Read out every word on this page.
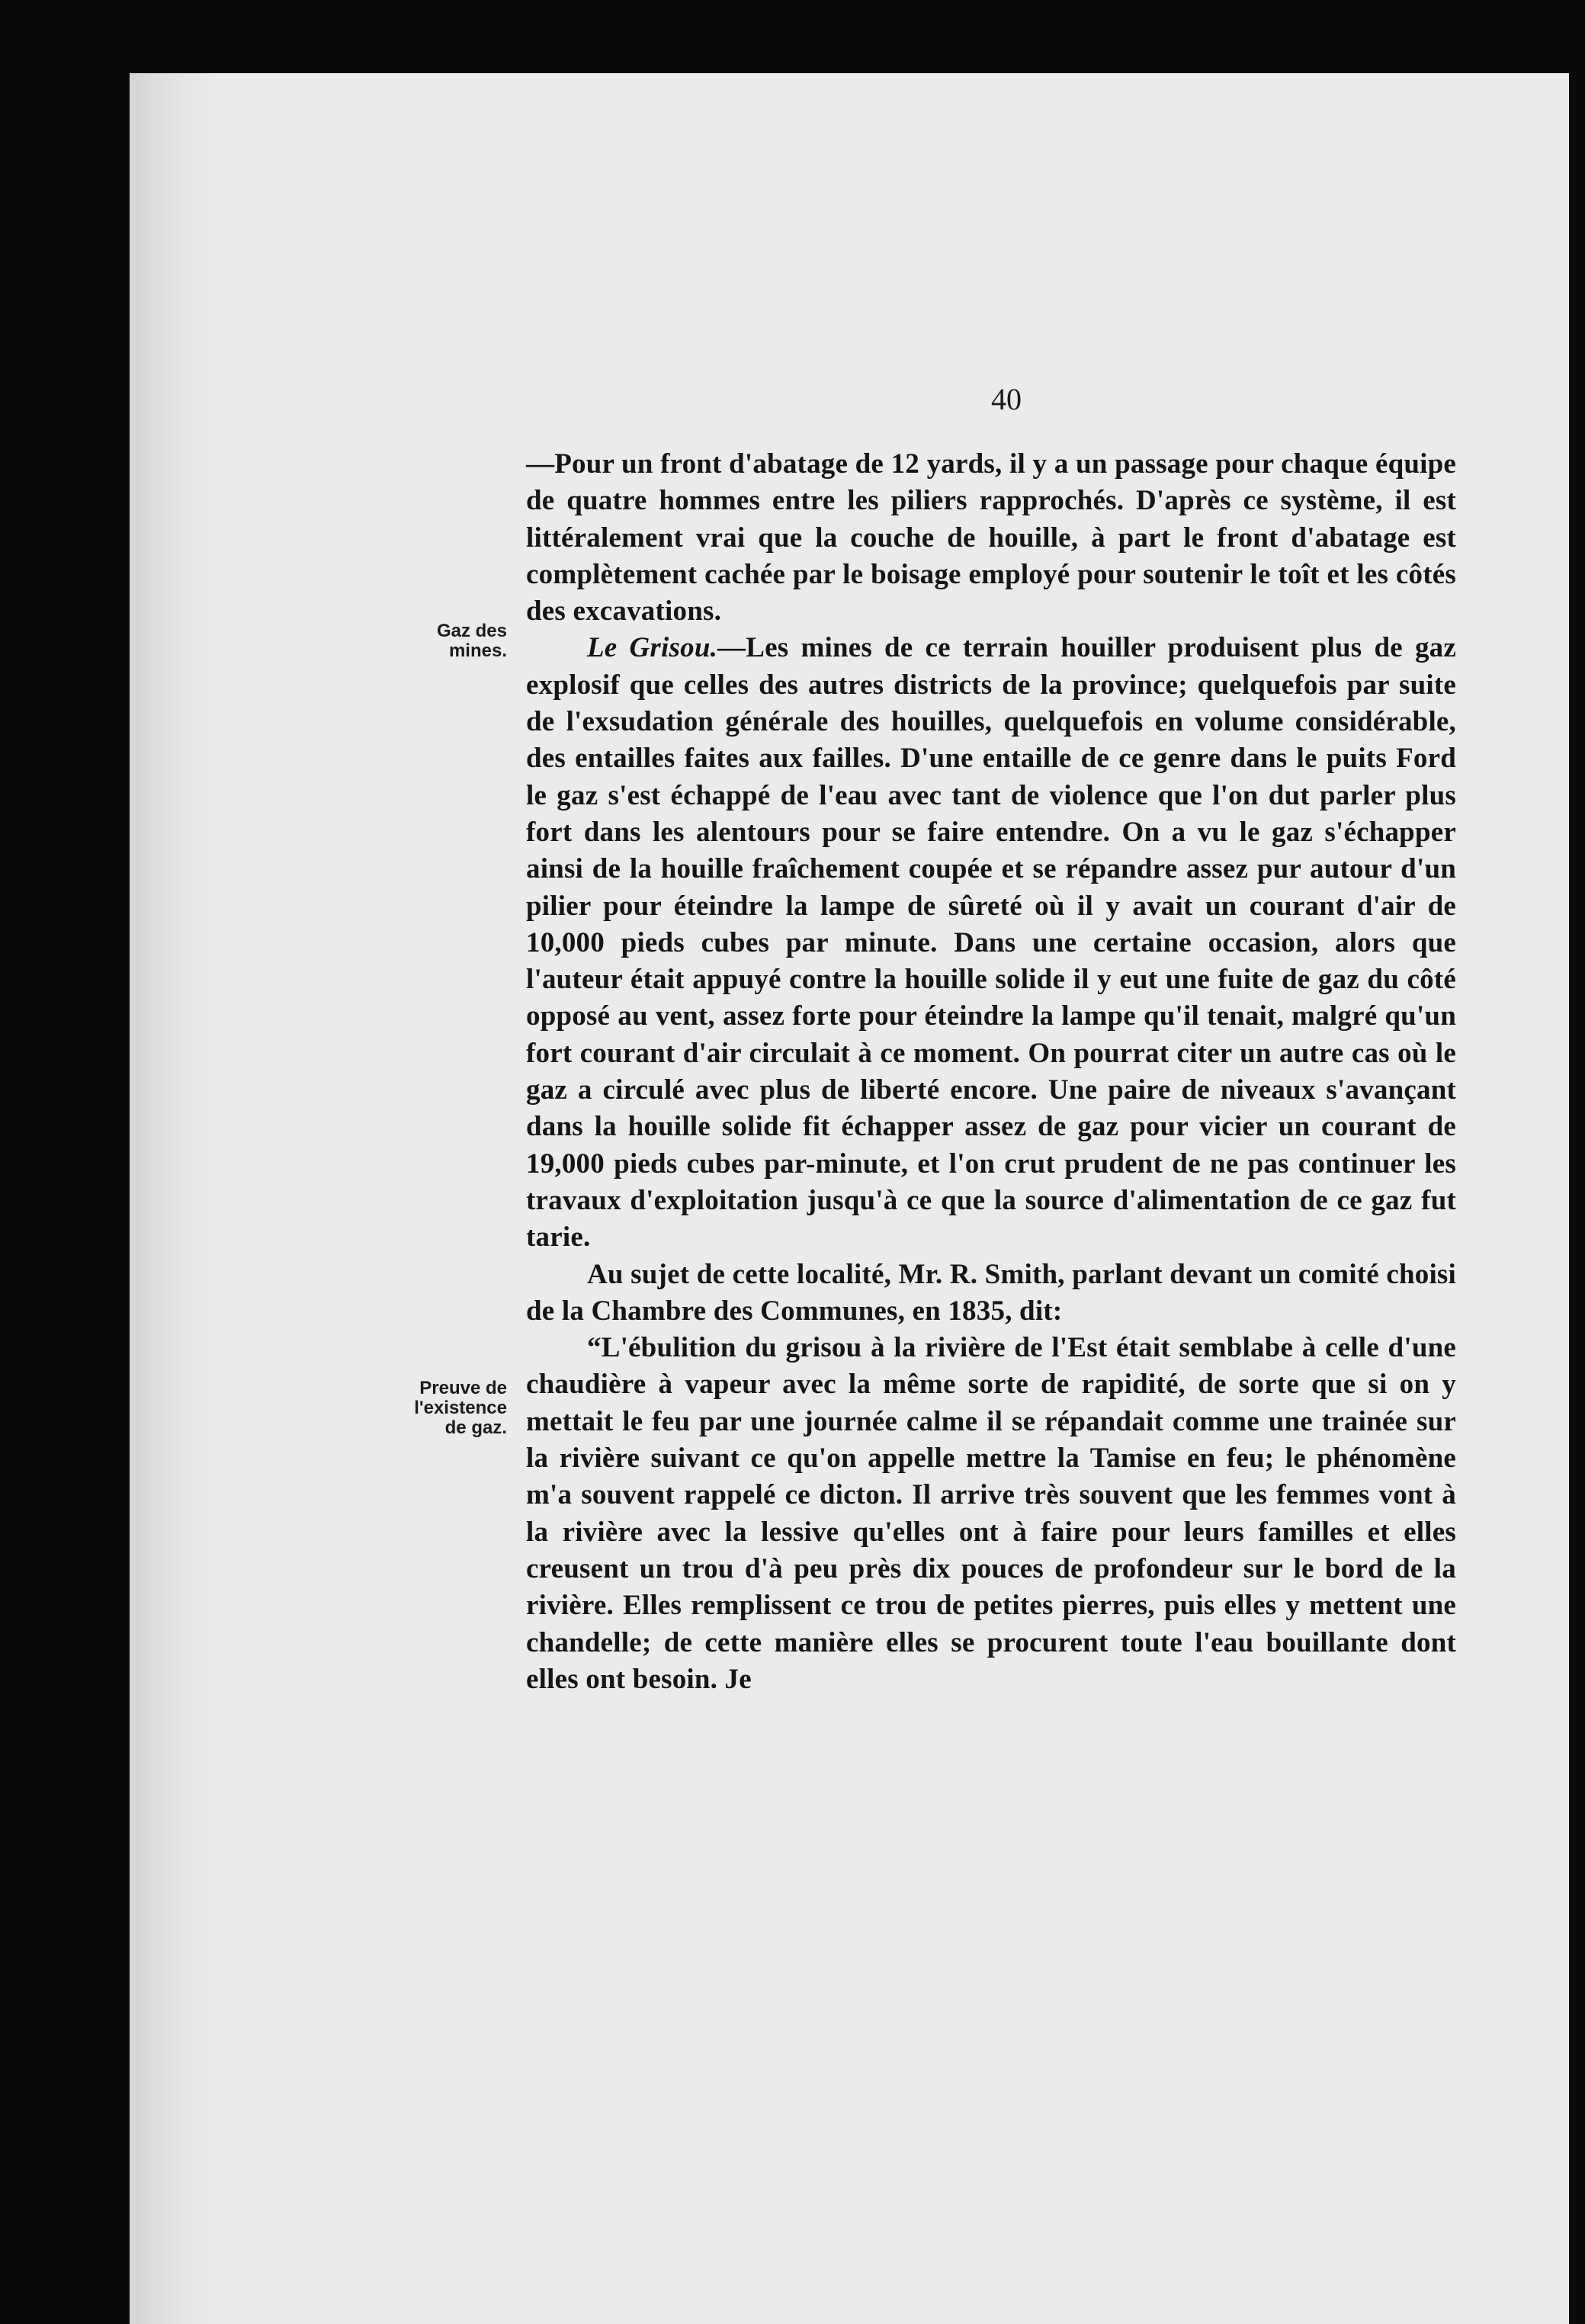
40
Gaz des
mines.
Preuve de
l'existence
de gaz.

—Pour un front d'abatage de 12 yards, il y a un passage pour chaque équipe de quatre hommes entre les piliers rapprochés. D'après ce système, il est littéralement vrai que la couche de houille, à part le front d'abatage est complètement cachée par le boisage employé pour soutenir le toît et les côtés des excavations.

Le Grisou.—Les mines de ce terrain houiller produisent plus de gaz explosif que celles des autres districts de la province; quelquefois par suite de l'exsudation générale des houilles, quelquefois en volume considérable, des entailles faites aux failles. D'une entaille de ce genre dans le puits Ford le gaz s'est échappé de l'eau avec tant de violence que l'on dut parler plus fort dans les alentours pour se faire entendre. On a vu le gaz s'échapper ainsi de la houille fraîchement coupée et se répandre assez pur autour d'un pilier pour éteindre la lampe de sûreté où il y avait un courant d'air de 10,000 pieds cubes par minute. Dans une certaine occasion, alors que l'auteur était appuyé contre la houille solide il y eut une fuite de gaz du côté opposé au vent, assez forte pour éteindre la lampe qu'il tenait, malgré qu'un fort courant d'air circulait à ce moment. On pourrat citer un autre cas où le gaz a circulé avec plus de liberté encore. Une paire de niveaux s'avançant dans la houille solide fit échapper assez de gaz pour vicier un courant de 19,000 pieds cubes par-minute, et l'on crut prudent de ne pas continuer les travaux d'exploitation jusqu'à ce que la source d'alimentation de ce gaz fut tarie.

Au sujet de cette localité, Mr. R. Smith, parlant devant un comité choisi de la Chambre des Communes, en 1835, dit:

“L'ébulition du grisou à la rivière de l'Est était semblabe à celle d'une chaudière à vapeur avec la même sorte de rapidité, de sorte que si on y mettait le feu par une journée calme il se répandait comme une trainée sur la rivière suivant ce qu'on appelle mettre la Tamise en feu; le phénomène m'a souvent rappelé ce dicton. Il arrive très souvent que les femmes vont à la rivière avec la lessive qu'elles ont à faire pour leurs familles et elles creusent un trou d'à peu près dix pouces de profondeur sur le bord de la rivière. Elles remplissent ce trou de petites pierres, puis elles y mettent une chandelle; de cette manière elles se procurent toute l'eau bouillante dont elles ont besoin. Je
